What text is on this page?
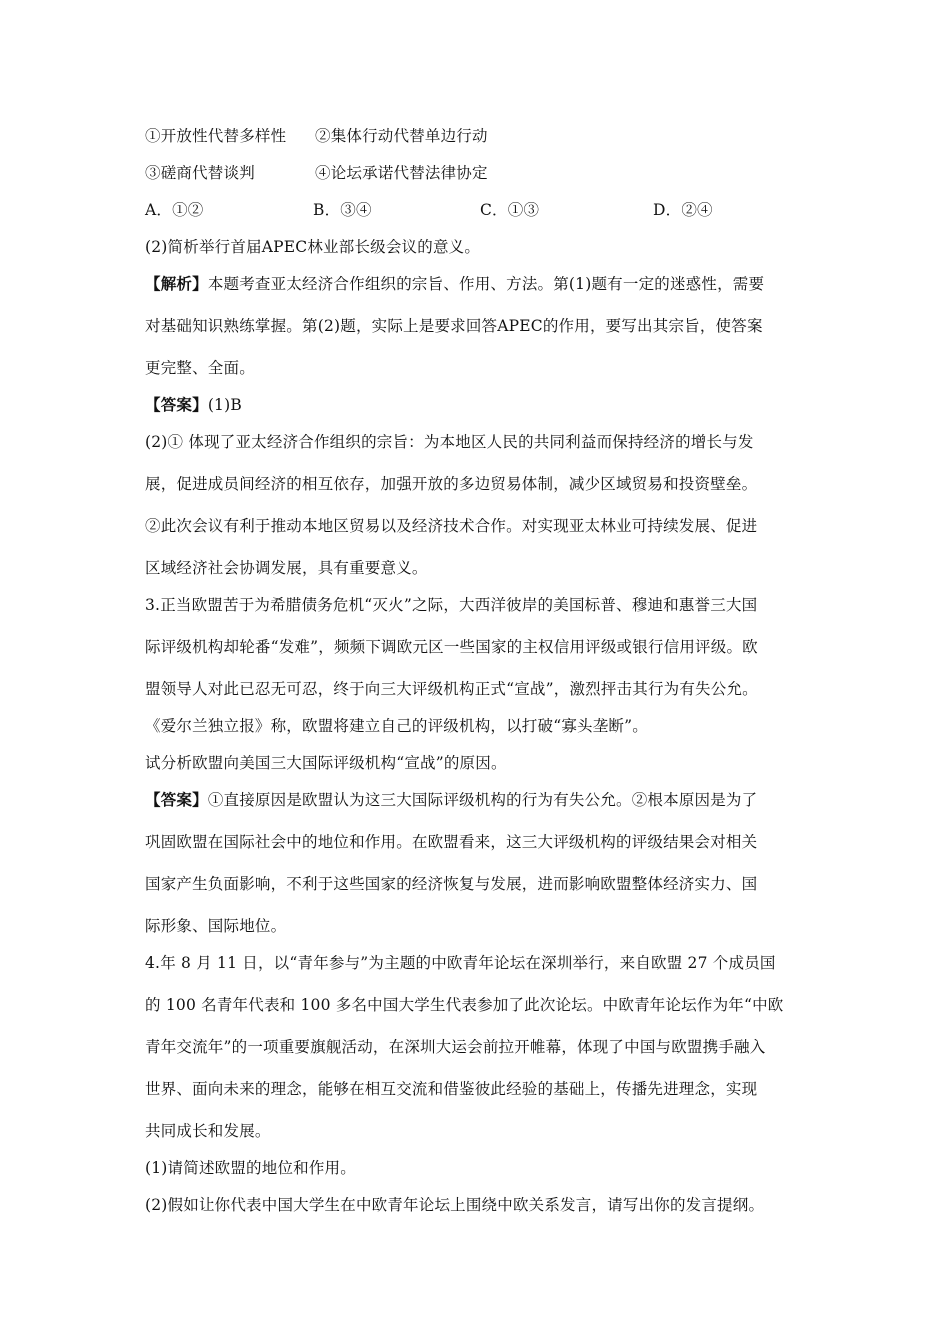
①开放性代替多样性 ②集体行动代替单边行动
③磋商代替谈判	④论坛承诺代替法律协定
A．①②	B．③④	C．①③	D．②④
(2)简析举行首届APEC林业部长级会议的意义。
【解析】本题考查亚太经济合作组织的宗旨、作用、方法。第(1)题有一定的迷惑性，需要
对基础知识熟练掌握。第(2)题，实际上是要求回答APEC的作用，要写出其宗旨，使答案
更完整、全面。
【答案】(1)B
(2)① 体现了亚太经济合作组织的宗旨：为本地区人民的共同利益而保持经济的增长与发
展，促进成员间经济的相互依存，加强开放的多边贸易体制，减少区域贸易和投资壁垒。
②此次会议有利于推动本地区贸易以及经济技术合作。对实现亚太林业可持续发展、促进
区域经济社会协调发展，具有重要意义。
3.正当欧盟苦于为希腊债务危机“灭火”之际，大西洋彼岸的美国标普、穆迪和惠誉三大国
际评级机构却轮番“发难”，频频下调欧元区一些国家的主权信用评级或银行信用评级。欧
盟领导人对此已忍无可忍，终于向三大评级机构正式“宣战”，激烈抨击其行为有失公允。
《爱尔兰独立报》称，欧盟将建立自己的评级机构，以打破“寡头垄断”。
试分析欧盟向美国三大国际评级机构“宣战”的原因。
【答案】①直接原因是欧盟认为这三大国际评级机构的行为有失公允。②根本原因是为了
巩固欧盟在国际社会中的地位和作用。在欧盟看来，这三大评级机构的评级结果会对相关
国家产生负面影响，不利于这些国家的经济恢复与发展，进而影响欧盟整体经济实力、国
际形象、国际地位。
4.年 8 月 11 日，以“青年参与”为主题的中欧青年论坛在深圳举行，来自欧盟 27 个成员国
的 100 名青年代表和 100 多名中国大学生代表参加了此次论坛。中欧青年论坛作为年“中欧
青年交流年”的一项重要旗舰活动，在深圳大运会前拉开帷幕，体现了中国与欧盟携手融入
世界、面向未来的理念，能够在相互交流和借鉴彼此经验的基础上，传播先进理念，实现
共同成长和发展。
(1)请简述欧盟的地位和作用。
(2)假如让你代表中国大学生在中欧青年论坛上围绕中欧关系发言，请写出你的发言提纲。
